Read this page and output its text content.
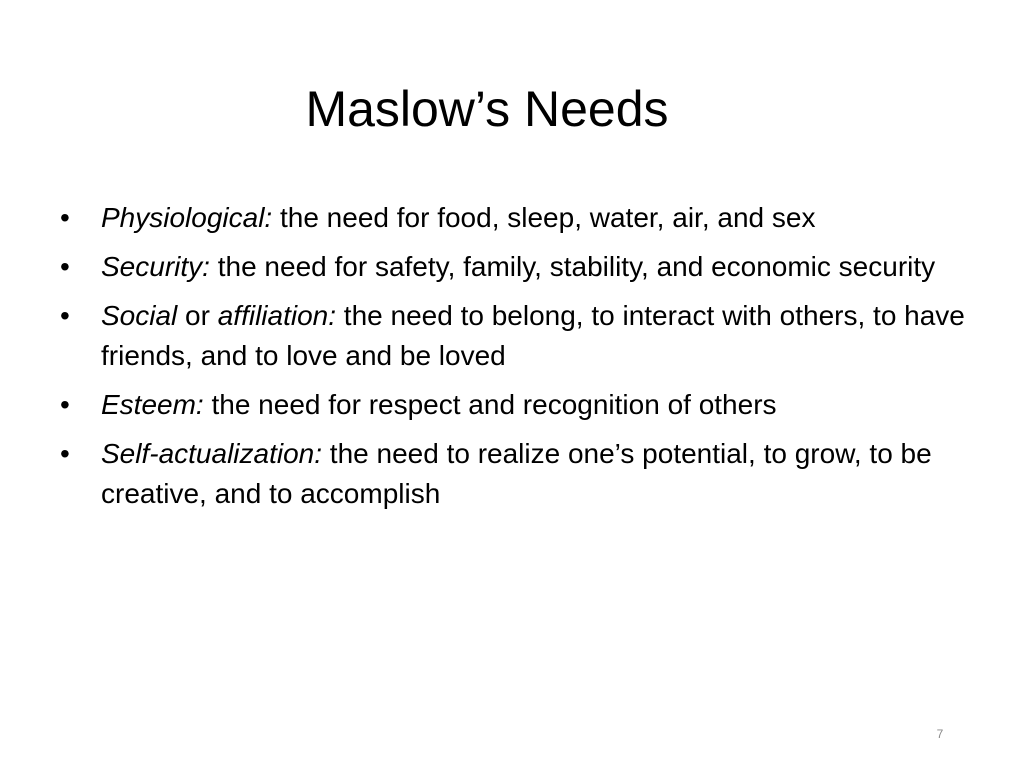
Maslow’s Needs
•	Physiological: the need for food, sleep, water, air, and sex
•	Security: the need for safety, family, stability, and economic security
•	Social or affiliation: the need to belong, to interact with others, to have friends, and to love and be loved
•	Esteem: the need for respect and recognition of others
•	Self-actualization: the need to realize one’s potential, to grow, to be creative, and to accomplish
7
